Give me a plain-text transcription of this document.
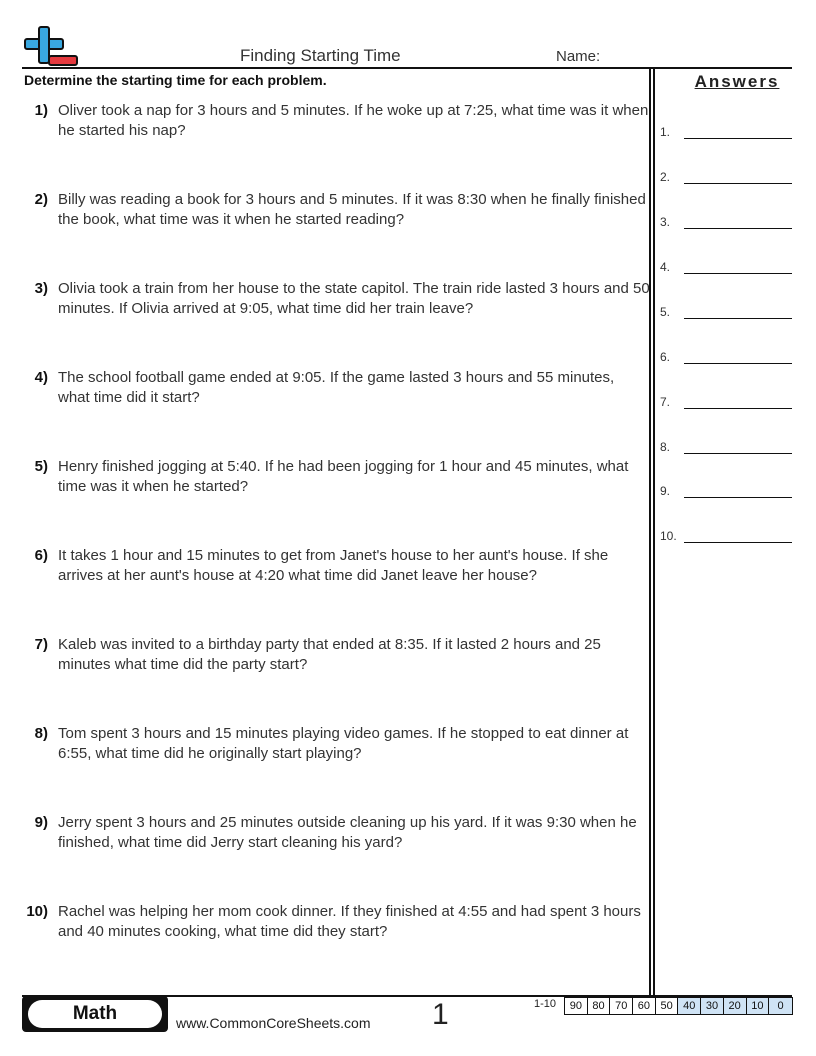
Finding Starting Time	Name:
Determine the starting time for each problem.
1) Oliver took a nap for 3 hours and 5 minutes. If he woke up at 7:25, what time was it when he started his nap?
2) Billy was reading a book for 3 hours and 5 minutes. If it was 8:30 when he finally finished the book, what time was it when he started reading?
3) Olivia took a train from her house to the state capitol. The train ride lasted 3 hours and 50 minutes. If Olivia arrived at 9:05, what time did her train leave?
4) The school football game ended at 9:05. If the game lasted 3 hours and 55 minutes, what time did it start?
5) Henry finished jogging at 5:40. If he had been jogging for 1 hour and 45 minutes, what time was it when he started?
6) It takes 1 hour and 15 minutes to get from Janet's house to her aunt's house. If she arrives at her aunt's house at 4:20 what time did Janet leave her house?
7) Kaleb was invited to a birthday party that ended at 8:35. If it lasted 2 hours and 25 minutes what time did the party start?
8) Tom spent 3 hours and 15 minutes playing video games. If he stopped to eat dinner at 6:55, what time did he originally start playing?
9) Jerry spent 3 hours and 25 minutes outside cleaning up his yard. If it was 9:30 when he finished, what time did Jerry start cleaning his yard?
10) Rachel was helping her mom cook dinner. If they finished at 4:55 and had spent 3 hours and 40 minutes cooking, what time did they start?
Answers
1.
2.
3.
4.
5.
6.
7.
8.
9.
10.
Math	www.CommonCoreSheets.com 1	1-10	90 80 70 60 50 40 30 20 10	0
